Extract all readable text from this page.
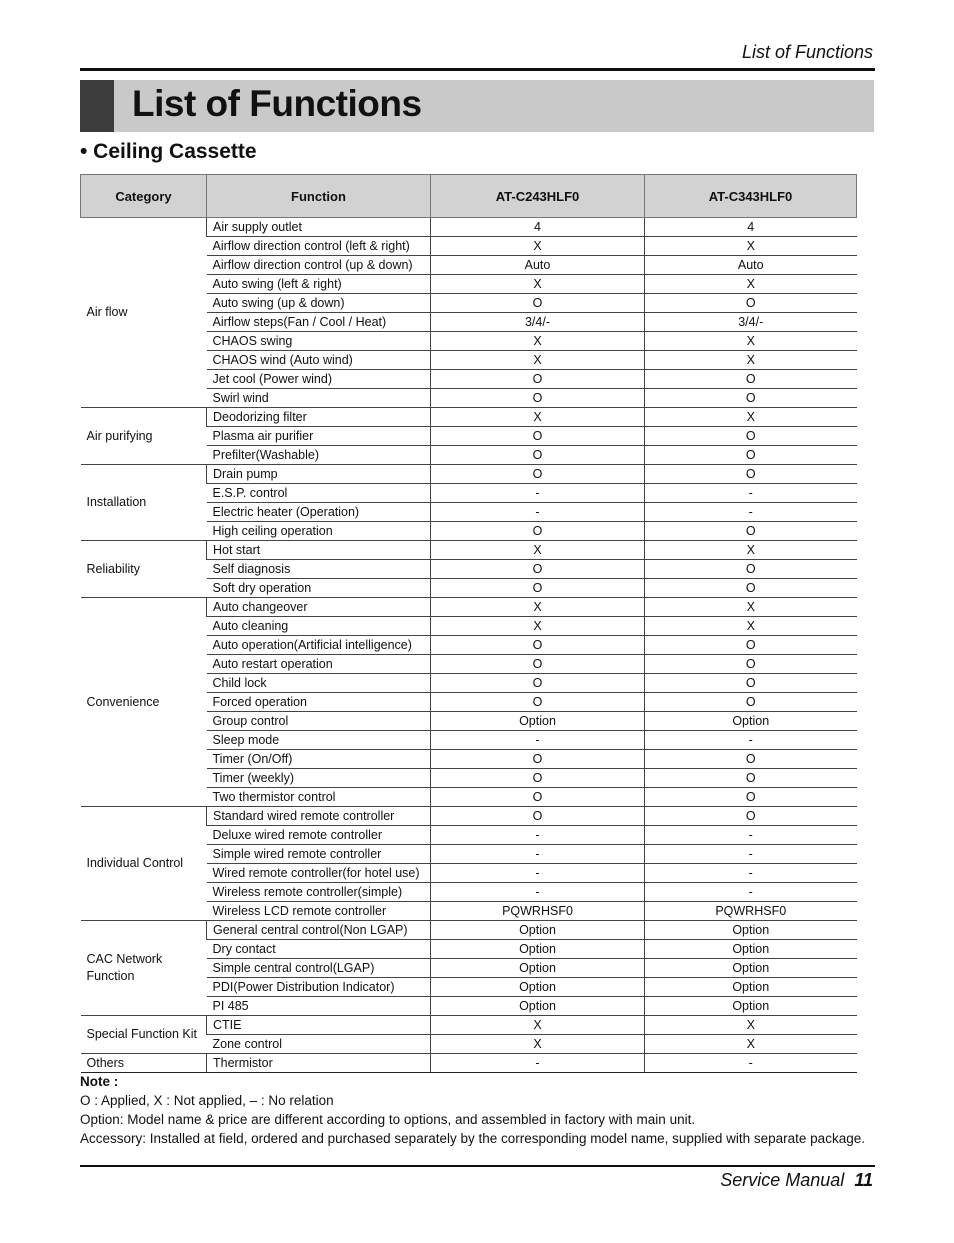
List of Functions
List of Functions
• Ceiling Cassette
Category	Function	AT-C243HLF0	AT-C343HLF0
Air flow	Air supply outlet	4	4
	Airflow direction control (left & right)	X	X
	Airflow direction control (up & down)	Auto	Auto
	Auto swing (left & right)	X	X
	Auto swing (up & down)	O	O
	Airflow steps(Fan / Cool / Heat)	3/4/-	3/4/-
	CHAOS swing	X	X
	CHAOS wind (Auto wind)	X	X
	Jet cool (Power wind)	O	O
	Swirl wind	O	O
Air purifying	Deodorizing filter	X	X
	Plasma air purifier	O	O
	Prefilter(Washable)	O	O
Installation	Drain pump	O	O
	E.S.P. control	-	-
	Electric heater (Operation)	-	-
	High ceiling operation	O	O
Reliability	Hot start	X	X
	Self diagnosis	O	O
	Soft dry operation	O	O
Convenience	Auto changeover	X	X
	Auto cleaning	X	X
	Auto operation(Artificial intelligence)	O	O
	Auto restart operation	O	O
	Child lock	O	O
	Forced operation	O	O
	Group control	Option	Option
	Sleep mode	-	-
	Timer (On/Off)	O	O
	Timer (weekly)	O	O
	Two thermistor control	O	O
Individual Control	Standard wired remote controller	O	O
	Deluxe wired remote controller	-	-
	Simple wired remote controller	-	-
	Wired remote controller(for hotel use)	-	-
	Wireless remote controller(simple)	-	-
	Wireless LCD remote controller	PQWRHSF0	PQWRHSF0
CAC Network Function	General central control(Non LGAP)	Option	Option
	Dry contact	Option	Option
	Simple central control(LGAP)	Option	Option
	PDI(Power Distribution Indicator)	Option	Option
	PI 485	Option	Option
Special Function Kit	CTIE	X	X
	Zone control	X	X
Others	Thermistor	-	-
Note :
O : Applied, X : Not applied, – : No relation
Option: Model name & price are different according to options, and assembled in factory with main unit.
Accessory: Installed at field, ordered and purchased separately by the corresponding model name, supplied with separate package.
Service Manual 11
